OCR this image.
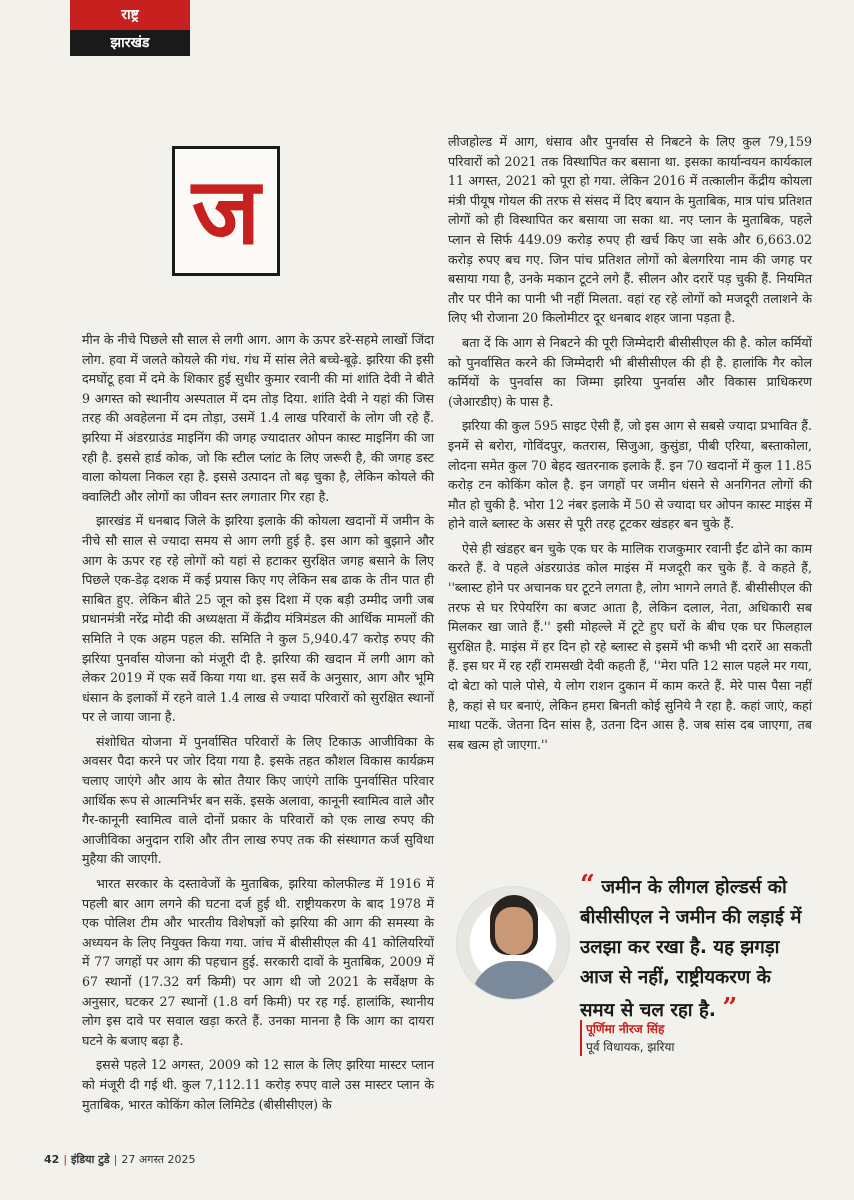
राष्ट्र
झारखंड
ज

मीन के नीचे पिछले सौ साल से लगी आग. आग के ऊपर डरे-सहमे लाखों जिंदा लोग. हवा में जलते कोयले की गंध. गंध में सांस लेते बच्चे-बूढ़े. झरिया की इसी दमघोंटू हवा में दमे के शिकार हुई सुधीर कुमार रवानी की मां शांति देवी ने बीते 9 अगस्त को स्थानीय अस्पताल में दम तोड़ दिया. शांति देवी ने यहां की जिस तरह की अवहेलना में दम तोड़ा, उसमें 1.4 लाख परिवारों के लोग जी रहे हैं. झरिया में अंडरग्राउंड माइनिंग की जगह ज्यादातर ओपन कास्ट माइनिंग की जा रही है. इससे हार्ड कोक, जो कि स्टील प्लांट के लिए जरूरी है, की जगह डस्ट वाला कोयला निकल रहा है. इससे उत्पादन तो बढ़ चुका है, लेकिन कोयले की क्वालिटी और लोगों का जीवन स्तर लगातार गिर रहा है.

झारखंड में धनबाद जिले के झरिया इलाके की कोयला खदानों में जमीन के नीचे सौ साल से ज्यादा समय से आग लगी हुई है. इस आग को बुझाने और आग के ऊपर रह रहे लोगों को यहां से हटाकर सुरक्षित जगह बसाने के लिए पिछले एक-डेढ़ दशक में कई प्रयास किए गए लेकिन सब ढाक के तीन पात ही साबित हुए. लेकिन बीते 25 जून को इस दिशा में एक बड़ी उम्मीद जगी जब प्रधानमंत्री नरेंद्र मोदी की अध्यक्षता में केंद्रीय मंत्रिमंडल की आर्थिक मामलों की समिति ने एक अहम पहल की. समिति ने कुल 5,940.47 करोड़ रुपए की झरिया पुनर्वास योजना को मंजूरी दी है. झरिया की खदान में लगी आग को लेकर 2019 में एक सर्वे किया गया था. इस सर्वे के अनुसार, आग और भूमि धंसान के इलाकों में रहने वाले 1.4 लाख से ज्यादा परिवारों को सुरक्षित स्थानों पर ले जाया जाना है.

संशोधित योजना में पुनर्वासित परिवारों के लिए टिकाऊ आजीविका के अवसर पैदा करने पर जोर दिया गया है. इसके तहत कौशल विकास कार्यक्रम चलाए जाएंगे और आय के स्रोत तैयार किए जाएंगे ताकि पुनर्वासित परिवार आर्थिक रूप से आत्मनिर्भर बन सकें. इसके अलावा, कानूनी स्वामित्व वाले और गैर-कानूनी स्वामित्व वाले दोनों प्रकार के परिवारों को एक लाख रुपए की आजीविका अनुदान राशि और तीन लाख रुपए तक की संस्थागत कर्ज सुविधा मुहैया की जाएगी.

भारत सरकार के दस्तावेजों के मुताबिक, झरिया कोलफील्ड में 1916 में पहली बार आग लगने की घटना दर्ज हुई थी. राष्ट्रीयकरण के बाद 1978 में एक पोलिश टीम और भारतीय विशेषज्ञों को झरिया की आग की समस्या के अध्ययन के लिए नियुक्त किया गया. जांच में बीसीसीएल की 41 कोलियरियों में 77 जगहों पर आग की पहचान हुई. सरकारी दावों के मुताबिक, 2009 में 67 स्थानों (17.32 वर्ग किमी) पर आग थी जो 2021 के सर्वेक्षण के अनुसार, घटकर 27 स्थानों (1.8 वर्ग किमी) पर रह गई. हालांकि, स्थानीय लोग इस दावे पर सवाल खड़ा करते हैं. उनका मानना है कि आग का दायरा घटने के बजाए बढ़ा है.

इससे पहले 12 अगस्त, 2009 को 12 साल के लिए झरिया मास्टर प्लान को मंजूरी दी गई थी. कुल 7,112.11 करोड़ रुपए वाले उस मास्टर प्लान के मुताबिक, भारत कोकिंग कोल लिमिटेड (बीसीसीएल) के

लीजहोल्ड में आग, धंसाव और पुनर्वास से निबटने के लिए कुल 79,159 परिवारों को 2021 तक विस्थापित कर बसाना था. इसका कार्यान्वयन कार्यकाल 11 अगस्त, 2021 को पूरा हो गया. लेकिन 2016 में तत्कालीन केंद्रीय कोयला मंत्री पीयूष गोयल की तरफ से संसद में दिए बयान के मुताबिक, मात्र पांच प्रतिशत लोगों को ही विस्थापित कर बसाया जा सका था. नए प्लान के मुताबिक, पहले प्लान से सिर्फ 449.09 करोड़ रुपए ही खर्च किए जा सके और 6,663.02 करोड़ रुपए बच गए. जिन पांच प्रतिशत लोगों को बेलगरिया नाम की जगह पर बसाया गया है, उनके मकान टूटने लगे हैं. सीलन और दरारें पड़ चुकी हैं. नियमित तौर पर पीने का पानी भी नहीं मिलता. वहां रह रहे लोगों को मजदूरी तलाशने के लिए भी रोजाना 20 किलोमीटर दूर धनबाद शहर जाना पड़ता है.

बता दें कि आग से निबटने की पूरी जिम्मेदारी बीसीसीएल की है. कोल कर्मियों को पुनर्वासित करने की जिम्मेदारी भी बीसीसीएल की ही है. हालांकि गैर कोल कर्मियों के पुनर्वास का जिम्मा झरिया पुनर्वास और विकास प्राधिकरण (जेआरडीए) के पास है.

झरिया की कुल 595 साइट ऐसी हैं, जो इस आग से सबसे ज्यादा प्रभावित हैं. इनमें से बरोरा, गोविंदपुर, कतरास, सिजुआ, कुसुंडा, पीबी एरिया, बस्ताकोला, लोदना समेत कुल 70 बेहद खतरनाक इलाके हैं. इन 70 खदानों में कुल 11.85 करोड़ टन कोकिंग कोल है. इन जगहों पर जमीन धंसने से अनगिनत लोगों की मौत हो चुकी है. भोरा 12 नंबर इलाके में 50 से ज्यादा घर ओपन कास्ट माइंस में होने वाले ब्लास्ट के असर से पूरी तरह टूटकर खंडहर बन चुके हैं.

ऐसे ही खंडहर बन चुके एक घर के मालिक राजकुमार रवानी ईंट ढोने का काम करते हैं. वे पहले अंडरग्राउंड कोल माइंस में मजदूरी कर चुके हैं. वे कहते हैं, ''ब्लास्ट होने पर अचानक घर टूटने लगता है, लोग भागने लगते हैं. बीसीसीएल की तरफ से घर रिपेयरिंग का बजट आता है, लेकिन दलाल, नेता, अधिकारी सब मिलकर खा जाते हैं.'' इसी मोहल्ले में टूटे हुए घरों के बीच एक घर फिलहाल सुरक्षित है. माइंस में हर दिन हो रहे ब्लास्ट से इसमें भी कभी भी दरारें आ सकती हैं. इस घर में रह रहीं रामसखी देवी कहती हैं, ''मेरा पति 12 साल पहले मर गया, दो बेटा को पाले पोसे, ये लोग राशन दुकान में काम करते हैं. मेरे पास पैसा नहीं है, कहां से घर बनाएं, लेकिन हमरा बिनती कोई सुनिये नै रहा है. कहां जाएं, कहां माथा पटकें. जेतना दिन सांस है, उतना दिन आस है. जब सांस दब जाएगा, तब सब खत्म हो जाएगा.''

“ जमीन के लीगल होल्डर्स को बीसीसीएल ने जमीन की लड़ाई में उलझा कर रखा है. यह झगड़ा आज से नहीं, राष्ट्रीयकरण के समय से चल रहा है. ”
पूर्णिमा नीरज सिंह
पूर्व विधायक, झरिया
42 | इंडिया टुडे | 27 अगस्त 2025
